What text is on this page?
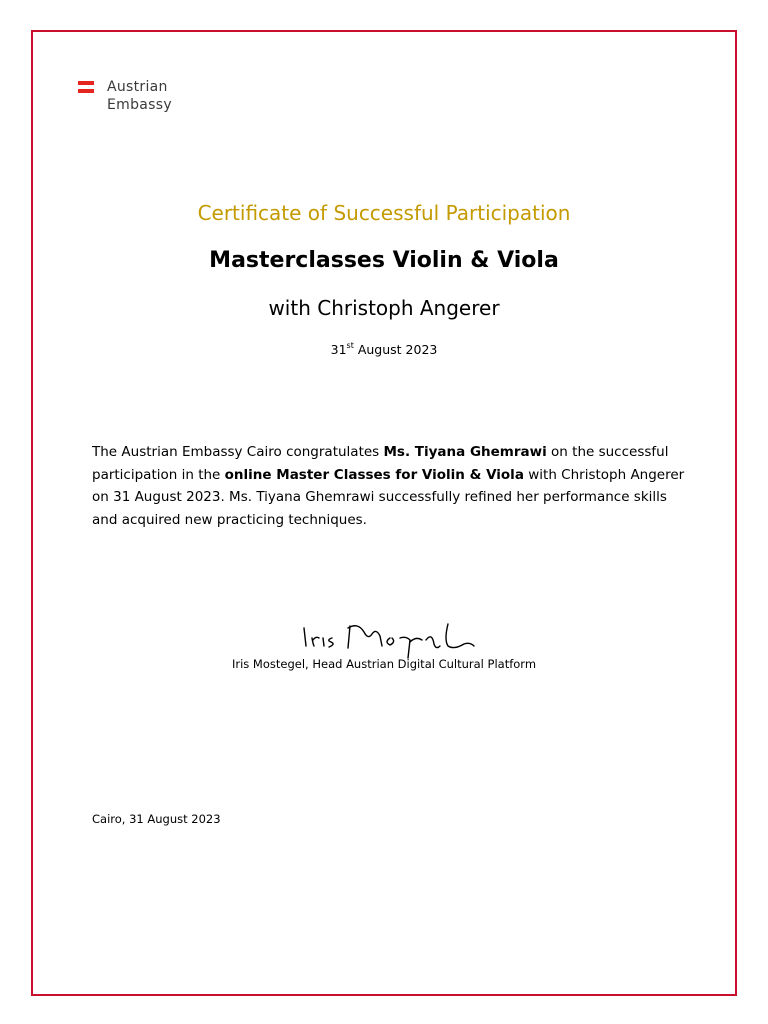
Austrian
Embassy
Certificate of Successful Participation
Masterclasses Violin & Viola
with Christoph Angerer
31st August 2023
The Austrian Embassy Cairo congratulates Ms. Tiyana Ghemrawi on the successful participation in the online Master Classes for Violin & Viola with Christoph Angerer on 31 August 2023. Ms. Tiyana Ghemrawi successfully refined her performance skills and acquired new practicing techniques.
Iris Mostegel, Head Austrian Digital Cultural Platform
Cairo, 31 August 2023
